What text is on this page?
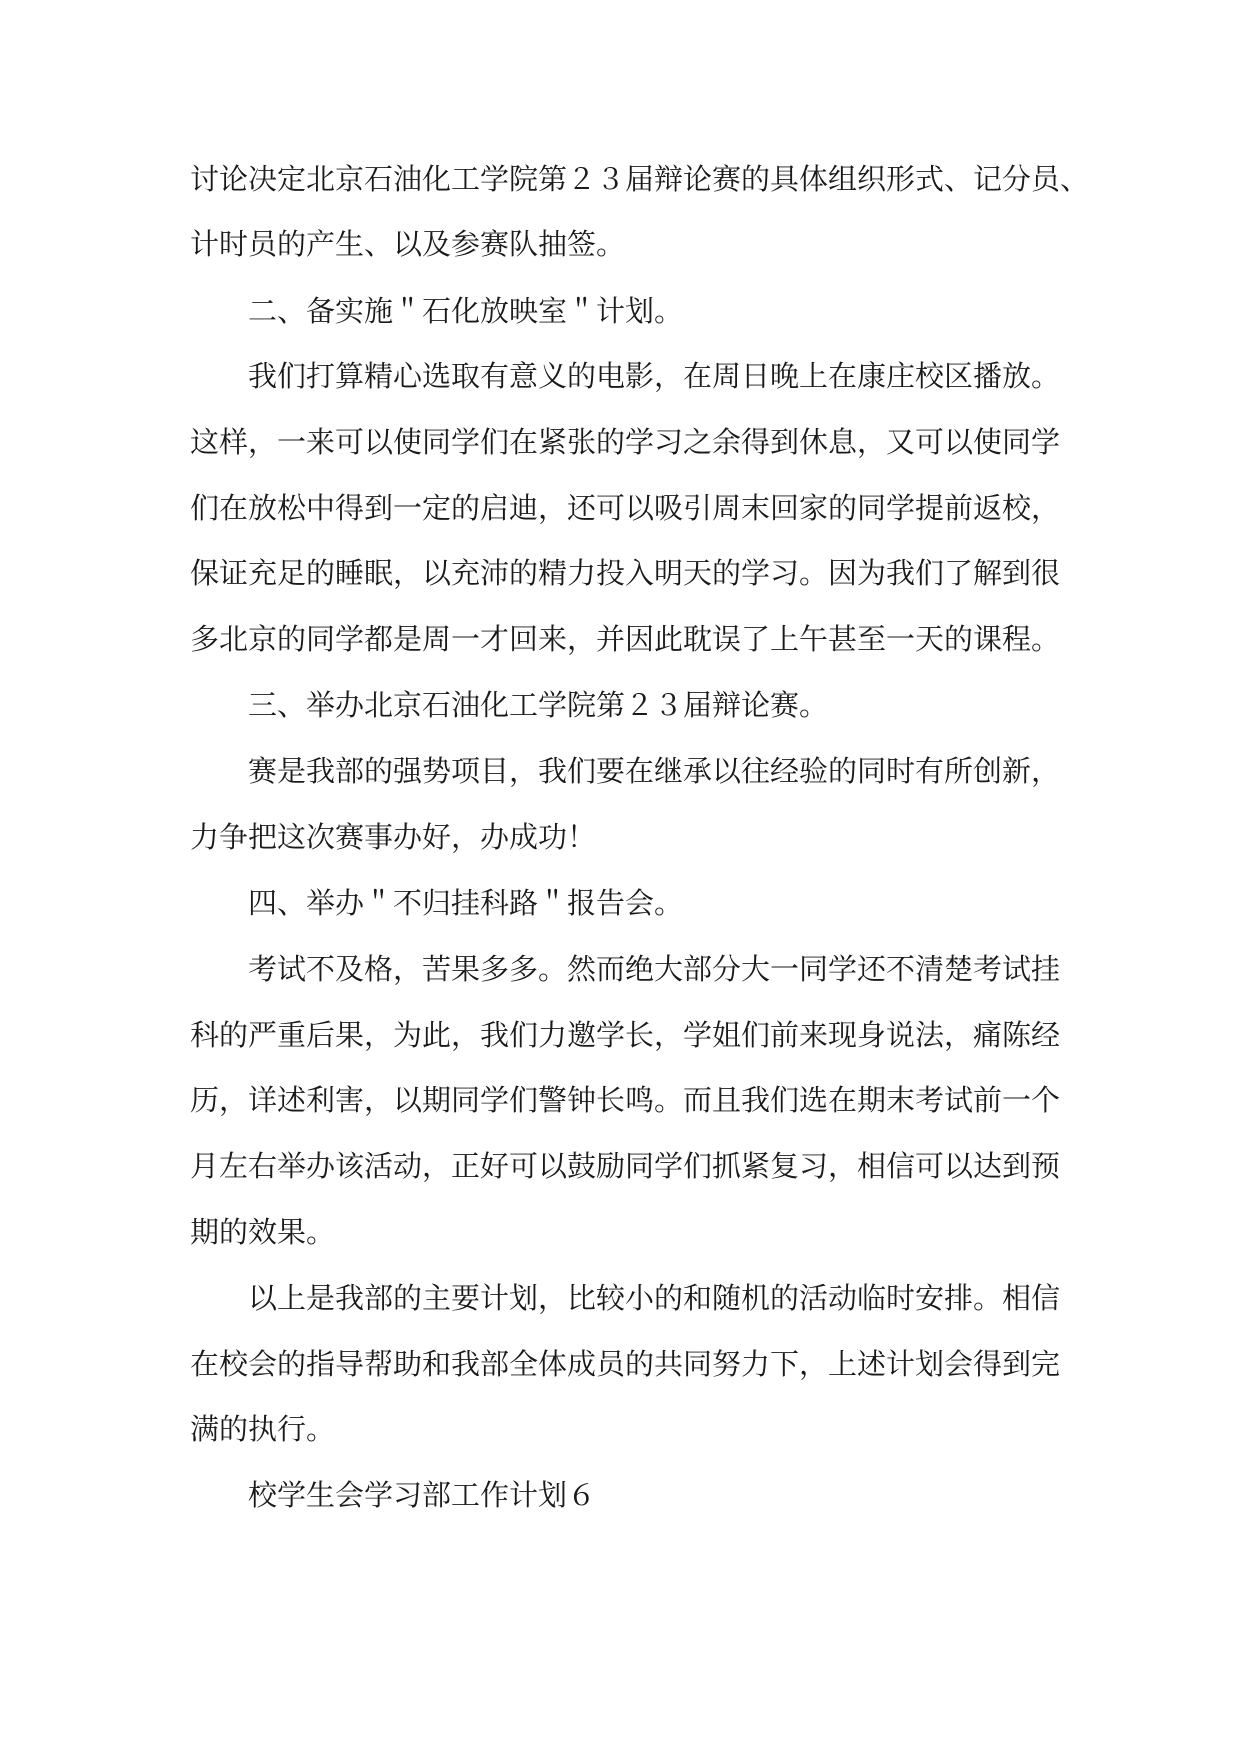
讨论决定北京石油化工学院第２３届辩论赛的具体组织形式、记分员、

计时员的产生、以及参赛队抽签。

二、备实施＂石化放映室＂计划。

我们打算精心选取有意义的电影，在周日晚上在康庄校区播放。

这样，一来可以使同学们在紧张的学习之余得到休息，又可以使同学

们在放松中得到一定的启迪，还可以吸引周末回家的同学提前返校，

保证充足的睡眠，以充沛的精力投入明天的学习。因为我们了解到很

多北京的同学都是周一才回来，并因此耽误了上午甚至一天的课程。

三、举办北京石油化工学院第２３届辩论赛。

赛是我部的强势项目，我们要在继承以往经验的同时有所创新，

力争把这次赛事办好，办成功！

四、举办＂不归挂科路＂报告会。

考试不及格，苦果多多。然而绝大部分大一同学还不清楚考试挂

科的严重后果，为此，我们力邀学长，学姐们前来现身说法，痛陈经

历，详述利害，以期同学们警钟长鸣。而且我们选在期末考试前一个

月左右举办该活动，正好可以鼓励同学们抓紧复习，相信可以达到预

期的效果。

以上是我部的主要计划，比较小的和随机的活动临时安排。相信

在校会的指导帮助和我部全体成员的共同努力下，上述计划会得到完

满的执行。

校学生会学习部工作计划６
